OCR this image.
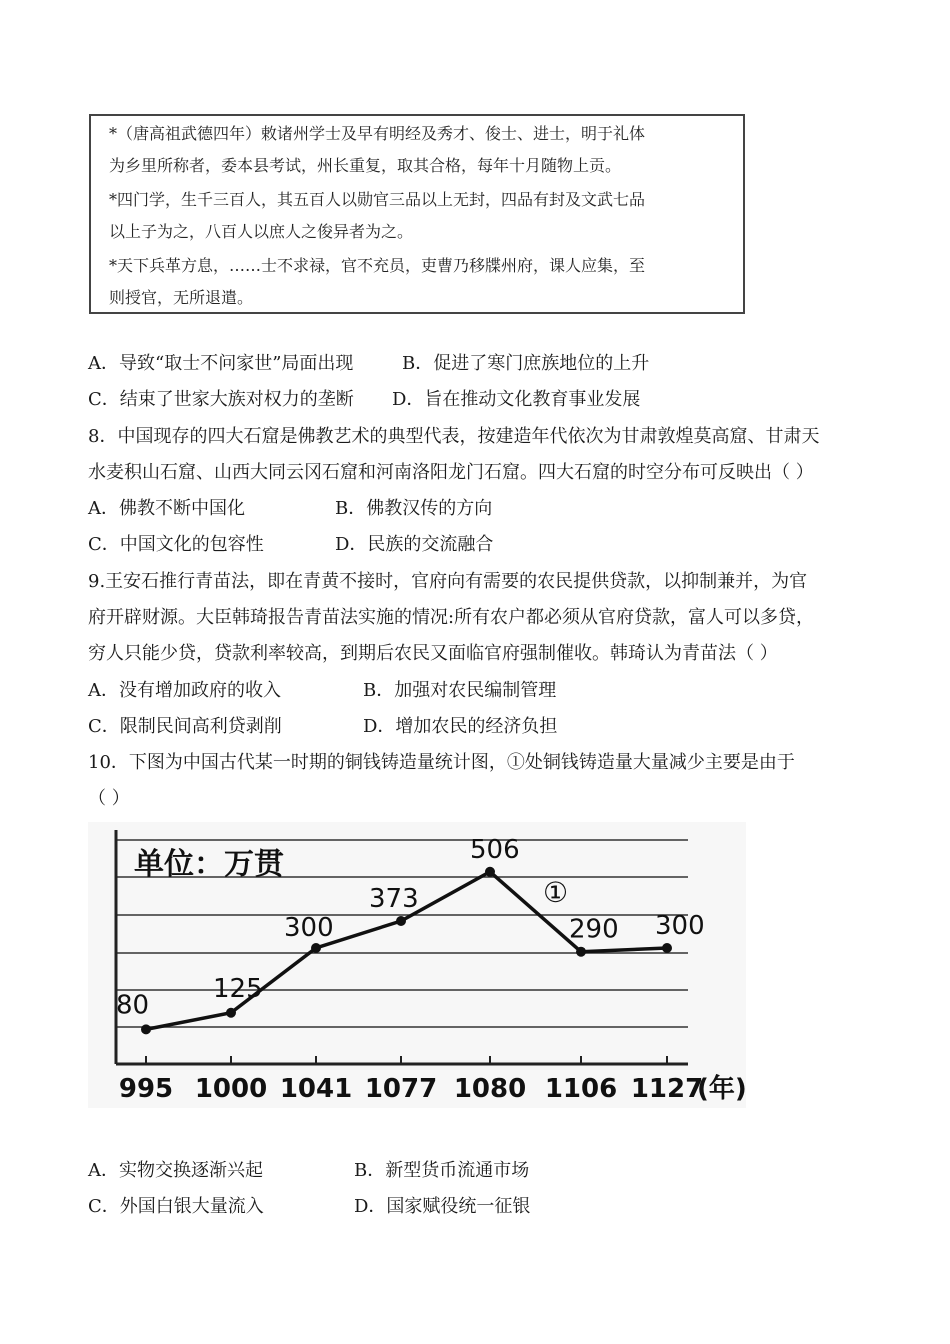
*（唐高祖武德四年）敕诸州学士及早有明经及秀才、俊士、进士，明于礼体
为乡里所称者，委本县考试，州长重复，取其合格，每年十月随物上贡。
*四门学，生千三百人，其五百人以勋官三品以上无封，四品有封及文武七品
以上子为之，八百人以庶人之俊异者为之。
*天下兵革方息，……士不求禄，官不充员，吏曹乃移牒州府，课人应集，至
则授官，无所退遣。
A．导致“取士不问家世”局面出现	B．促进了寒门庶族地位的上升
C．结束了世家大族对权力的垄断 D．旨在推动文化教育事业发展
8．中国现存的四大石窟是佛教艺术的典型代表，按建造年代依次为甘肃敦煌莫高窟、甘肃天
水麦积山石窟、山西大同云冈石窟和河南洛阳龙门石窟。四大石窟的时空分布可反映出（ ）
A．佛教不断中国化	B．佛教汉传的方向
C．中国文化的包容性	D．民族的交流融合
9.王安石推行青苗法，即在青黄不接时，官府向有需要的农民提供贷款，以抑制兼并，为官
府开辟财源。大臣韩琦报告青苗法实施的情况:所有农户都必须从官府贷款，富人可以多贷，
穷人只能少贷，贷款利率较高，到期后农民又面临官府强制催收。韩琦认为青苗法（ ）
A．没有增加政府的收入	B．加强对农民编制管理
C．限制民间高利贷剥削	D．增加农民的经济负担
10．下图为中国古代某一时期的铜钱铸造量统计图，①处铜钱铸造量大量减少主要是由于
（ ）
单位：万贯
80
125
300
373
506
290 300
995 1000 1041 1077 1080 1106 1127
(年)
①
A．实物交换逐渐兴起	B．新型货币流通市场
C．外国白银大量流入	D．国家赋役统一征银
